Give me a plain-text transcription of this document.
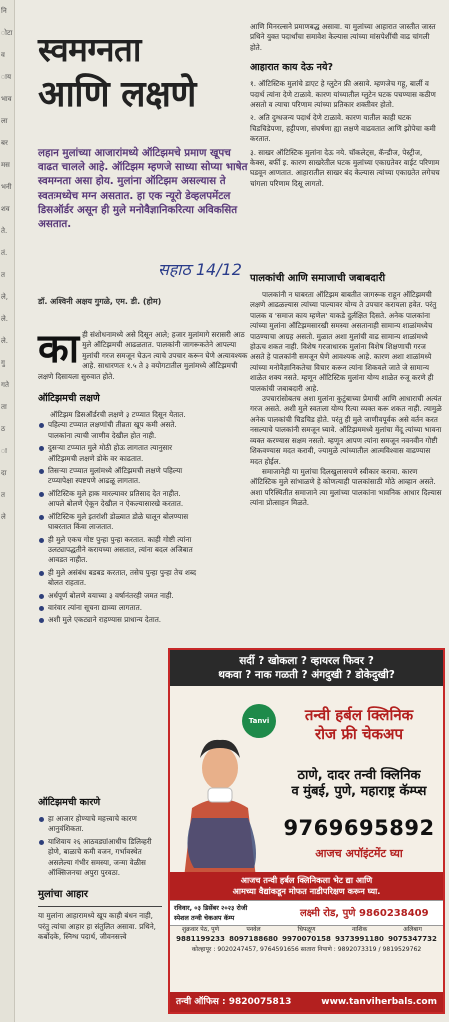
नि
ोटा
व
ाय
भाव
ला
बर
मस
भनी
शव
ते.
तं.
त
ले,
ले.
ले.
गु
गते
ता
ठ
ा
दा
त
ले
स्वमग्नता
आणि लक्षणे
लहान मुलांच्या आजारांमध्ये ऑटिझमचे प्रमाण खूपच वाढत चालले आहे. ऑटिझम म्हणजे साध्या सोप्या भाषेत स्वमग्नता असा होय. मुलांना ऑटिझम असल्यास ते स्वतःमध्येच मग्न असतात. हा एक न्यूरो डेव्हलपमेंटल डिसऑर्डर असून ही मुले मनोवैज्ञानिकरित्या अविकसित असतात.
सहाठ 14/12
डॉ. अश्विनी अक्षय गुगळे, एम. डी. (होम)
का ही संशोधनामध्ये असे दिसून आले; हजार मुलांमागे सरासरी आठ मुले ऑटिझमची आढळतात. पालकांनी जागरूकतेने आपल्या मुलांची गरज समजून घेऊन त्याचे उपचार करून घेणे अत्यावश्यक आहे. साधारणतः १.५ ते ३ वयोगटातील मुलांमध्ये ऑटिझमची लक्षणे दिसायला सुरुवात होते.
ऑटिझमची लक्षणे
ऑटिझम डिसऑर्डरची लक्षणे ३ टप्प्यात दिसून येतात.
पहिल्या टप्प्यात लक्षणांची तीव्रता खूप कमी असते. पालकांना त्याची जाणीव देखील होत नाही.
दुसऱ्या टप्प्यात मुले मोठी होऊ लागतात त्यानुसार ऑटिझमची लक्षणे डोके वर काढतात.
तिसऱ्या टप्प्यात मुलांमध्ये ऑटिझमची लक्षणे पहिल्या टप्प्यापेक्षा स्पष्टपणे आढळू लागतात.
ऑटिस्टिक मुले हाक मारल्यावर प्रतिसाद देत नाहीत. आपले बोलणे ऐकून देखील न ऐकल्यासारखे करतात.
ऑटिस्टिक मुले इतरांशी डोळ्यात डोळे घालून बोलण्यास घाबरतात किंवा लाजतात.
ही मुले एकच गोष्ट पुन्हा पुन्हा करतात. काही गोष्टी त्यांना उलट्यापद्धतीने करायच्या असतात, त्यांना बदल अजिबात आवडत नाहीत.
ही मुले असंबंध बडबड करतात, तसेच पुन्हा पुन्हा तेच शब्द बोलत राहतात.
अर्धपूर्ण बोलणे वयाच्या ३ वर्षानंतरही जमत नाही.
वारंवार त्यांना सूचना द्याव्या लागतात.
अशी मुले एकट्याने राहण्यास प्राधान्य देतात.
ऑटिझमची कारणे
हा आजार होण्याचे महत्त्वाचे कारण आनुवंशिकता.
याशिवाय २६ आठवड्यांआधीच डिलिव्हरी होणे, बाळाचे कमी वजन, गर्भावस्थेत असलेल्या गंभीर समस्या, जन्मा वेळीस ऑक्सिजनचा अपुरा पुरवठा.
मुलांचा आहार
या मुलांना आहारामध्ये खूप काही बंधन नाही, परंतु त्यांचा आहार हा संतुलित असावा. प्रथिने, कर्बोदके, स्निग्ध पदार्थ, जीवनसत्त्वे
आणि मिनरल्सने प्रमाणबद्ध असावा. या मुलांच्या आहारात जास्तीत जास्त प्रथिने युक्त पदार्थांचा समावेश केल्यास त्यांच्या मांसपेशींची वाढ चांगली होते.
आहारात काय देऊ नये?
१. ऑटिस्टिक मुलांचे डाएट हे ग्लुटेन फ्री असावे. म्हणजेच गहू, बार्ली व पदार्थ त्यांना देणे टाळावे. कारण यांच्यातील ग्लुटेन घटक पचण्यास कठीण असतो व त्याचा परिणाम त्यांच्या प्रतिकार शक्तीवर होतो.
२. अति दुग्धजन्य पदार्थ देणे टाळावे. कारण यातील काही घटक चिडचिडेपणा, हट्टीपणा, संघर्षणा ह्या लक्षणे वाढवतात आणि झोपेचा कमी करतात.
३. साखर ऑटिस्टिक मुलांना देऊ नये. चॉकलेट्स, कॅन्डीज, पेस्ट्रीज, केक्स, बर्फी इ. कारण साखरेतील घटक मुलांच्या एकाग्रतेवर वाईट परिणाम घडवून आणतात. आहारातील साखर बंद केल्यास त्यांच्या एकाग्रतेत लगेचच चांगला परिणाम दिसू लागतो.
पालकांची आणि समाजाची जबाबदारी
पालकांनी न घाबरता ऑटिझम बाबतीत जागरूक राहून ऑटिझमची लक्षणे आढळल्यास त्यांच्या पाल्यावर योग्य ते उपचार करायला हवेत. परंतु पालक व 'समाज काय म्हणेल' याकडे दुर्लक्षित दिसते. अनेक पालकांना त्यांच्या मुलांना ऑटिझमसारखी समस्या असतानाही सामान्य शाळांमध्येच पाठण्याचा आग्रह असतो. मुळात अशा मुलांची वाढ सामान्य शाळांमध्ये होऊच शकत नाही. विशेष गरजाधारक मुलांना विशेष शिक्षणाची गरज असते हे पालकांनी समजून घेणे आवश्यक आहे. कारण अशा शाळांमध्ये त्यांच्या मनोवैज्ञानिकतेचा विचार करून त्यांना शिकवले जाते जे सामान्य शाळेत शक्य नसते. म्हणून ऑटिस्टिक मुलांना योग्य शाळेत रुजू करणे ही पालकांची जबाबदारी आहे.
उपचारांसोबतच अशा मुलांना कुटुंबाच्या प्रेमाची आणि आधाराची अत्यंत गरज असते. अशी मुले स्वतःला योग्य रित्या व्यक्त करू शकत नाही. त्यामुळे अनेक पालकांची चिडचिड होते. परंतु ही मुले जाणीवपूर्वक असे वर्तन करत नसल्याचे पालकांनी समजून घ्यावे. ऑटिझममध्ये मुलांचा मेंदू त्यांच्या भावना व्यक्त करण्यास सक्षम नसतो. म्हणून आपण त्यांना समजून नवनवीन गोष्टी शिकवण्यास मदत करावी, ज्यामुळे त्यांच्यातील आत्मविश्वास वाढण्यास मदत होईल.
समाजानेही या मुलांचा दिलखुलासपणे स्वीकार करावा. कारण ऑटिस्टिक मुले सांभाळणे हे कोणत्याही पालकांसाठी मोठे आव्हान असते. अशा परिस्थितीत समाजाने त्या मुलांच्या पालकांना भावनिक आधार दिल्यास त्यांना प्रोत्साहन मिळते.
सर्दी ? खोकला ? व्हायरल फिवर ?
थकवा ? नाक गळती ? अंगदुखी ? डोकेदुखी?
Tanvi	तन्वी हर्बल क्लिनिक
रोज फ्री चेकअप
ठाणे, दादर तन्वी क्लिनिक
व मुंबई, पुणे, महाराष्ट्र कॅम्प्स
9769695892
आजच अपॉइंटमेंट घ्या
आजच तन्वी हर्बल क्लिनिकला भेट द्या आणि
आमच्या वैद्यांकडून मोफत नाडीपरिक्षण करून घ्या.
रविवार, ०३ डिसेंबर २०२३ रोजी
स्पेशल तन्वी चेकअप कॅम्प	लक्ष्मी रोड, पुणे 9860238409
शुक्रवार पेठ, पुणे	पनवेल	चिपळूण	नाशिक	अलिबाग
9881199233 8097188680 9970070158 9373991180 9075347732
कोल्हापूर : 9020247457, 9764591656 सातारा निपाणे : 9892073319 / 9819529762
तन्वी ऑफिस : 9820075813	www.tanviherbals.com
